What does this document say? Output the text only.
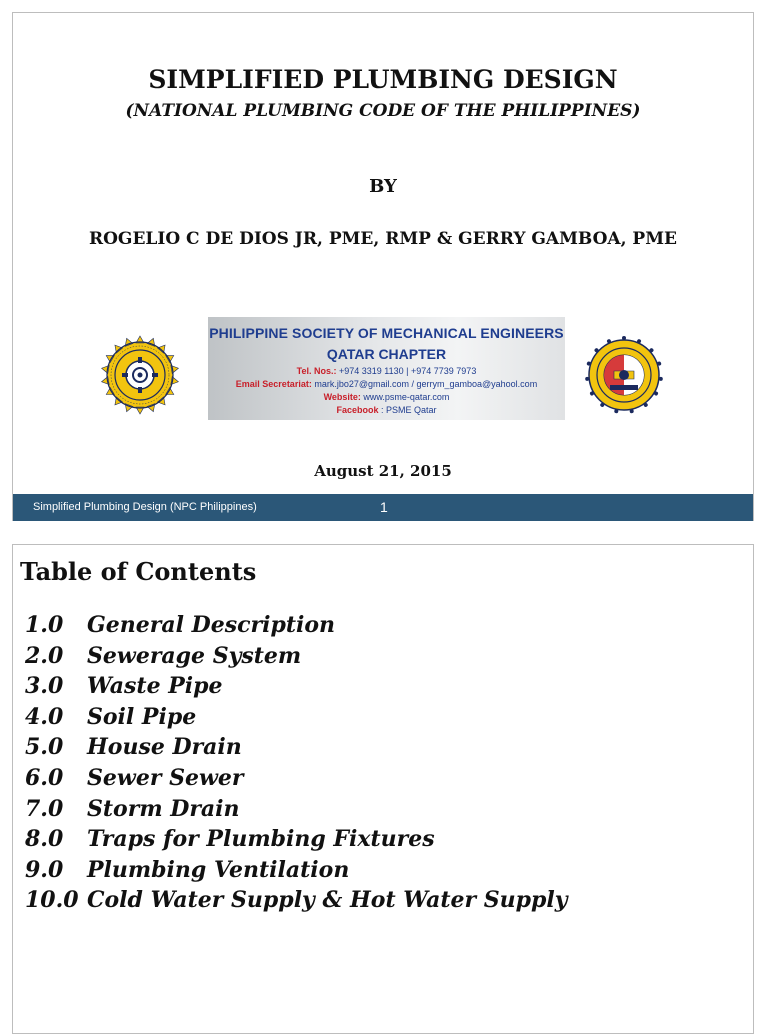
SIMPLIFIED PLUMBING DESIGN
(NATIONAL PLUMBING CODE OF THE PHILIPPINES)
BY
ROGELIO C DE DIOS JR, PME, RMP & GERRY GAMBOA, PME
PHILIPPINE SOCIETY OF MECHANICAL ENGINEERS
QATAR CHAPTER
Tel. Nos.: +974 3319 1130 | +974 7739 7973
Email Secretariat: mark.jbo27@gmail.com / gerrym_gamboa@yahool.com
Website: www.psme-qatar.com
Facebook : PSME Qatar
August 21, 2015
Simplified Plumbing Design (NPC Philippines)	1
Table of Contents
1.0 General Description
2.0 Sewerage System
3.0 Waste Pipe
4.0 Soil Pipe
5.0 House Drain
6.0 Sewer Sewer
7.0 Storm Drain
8.0 Traps for Plumbing Fixtures
9.0 Plumbing Ventilation
10.0 Cold Water Supply & Hot Water Supply
